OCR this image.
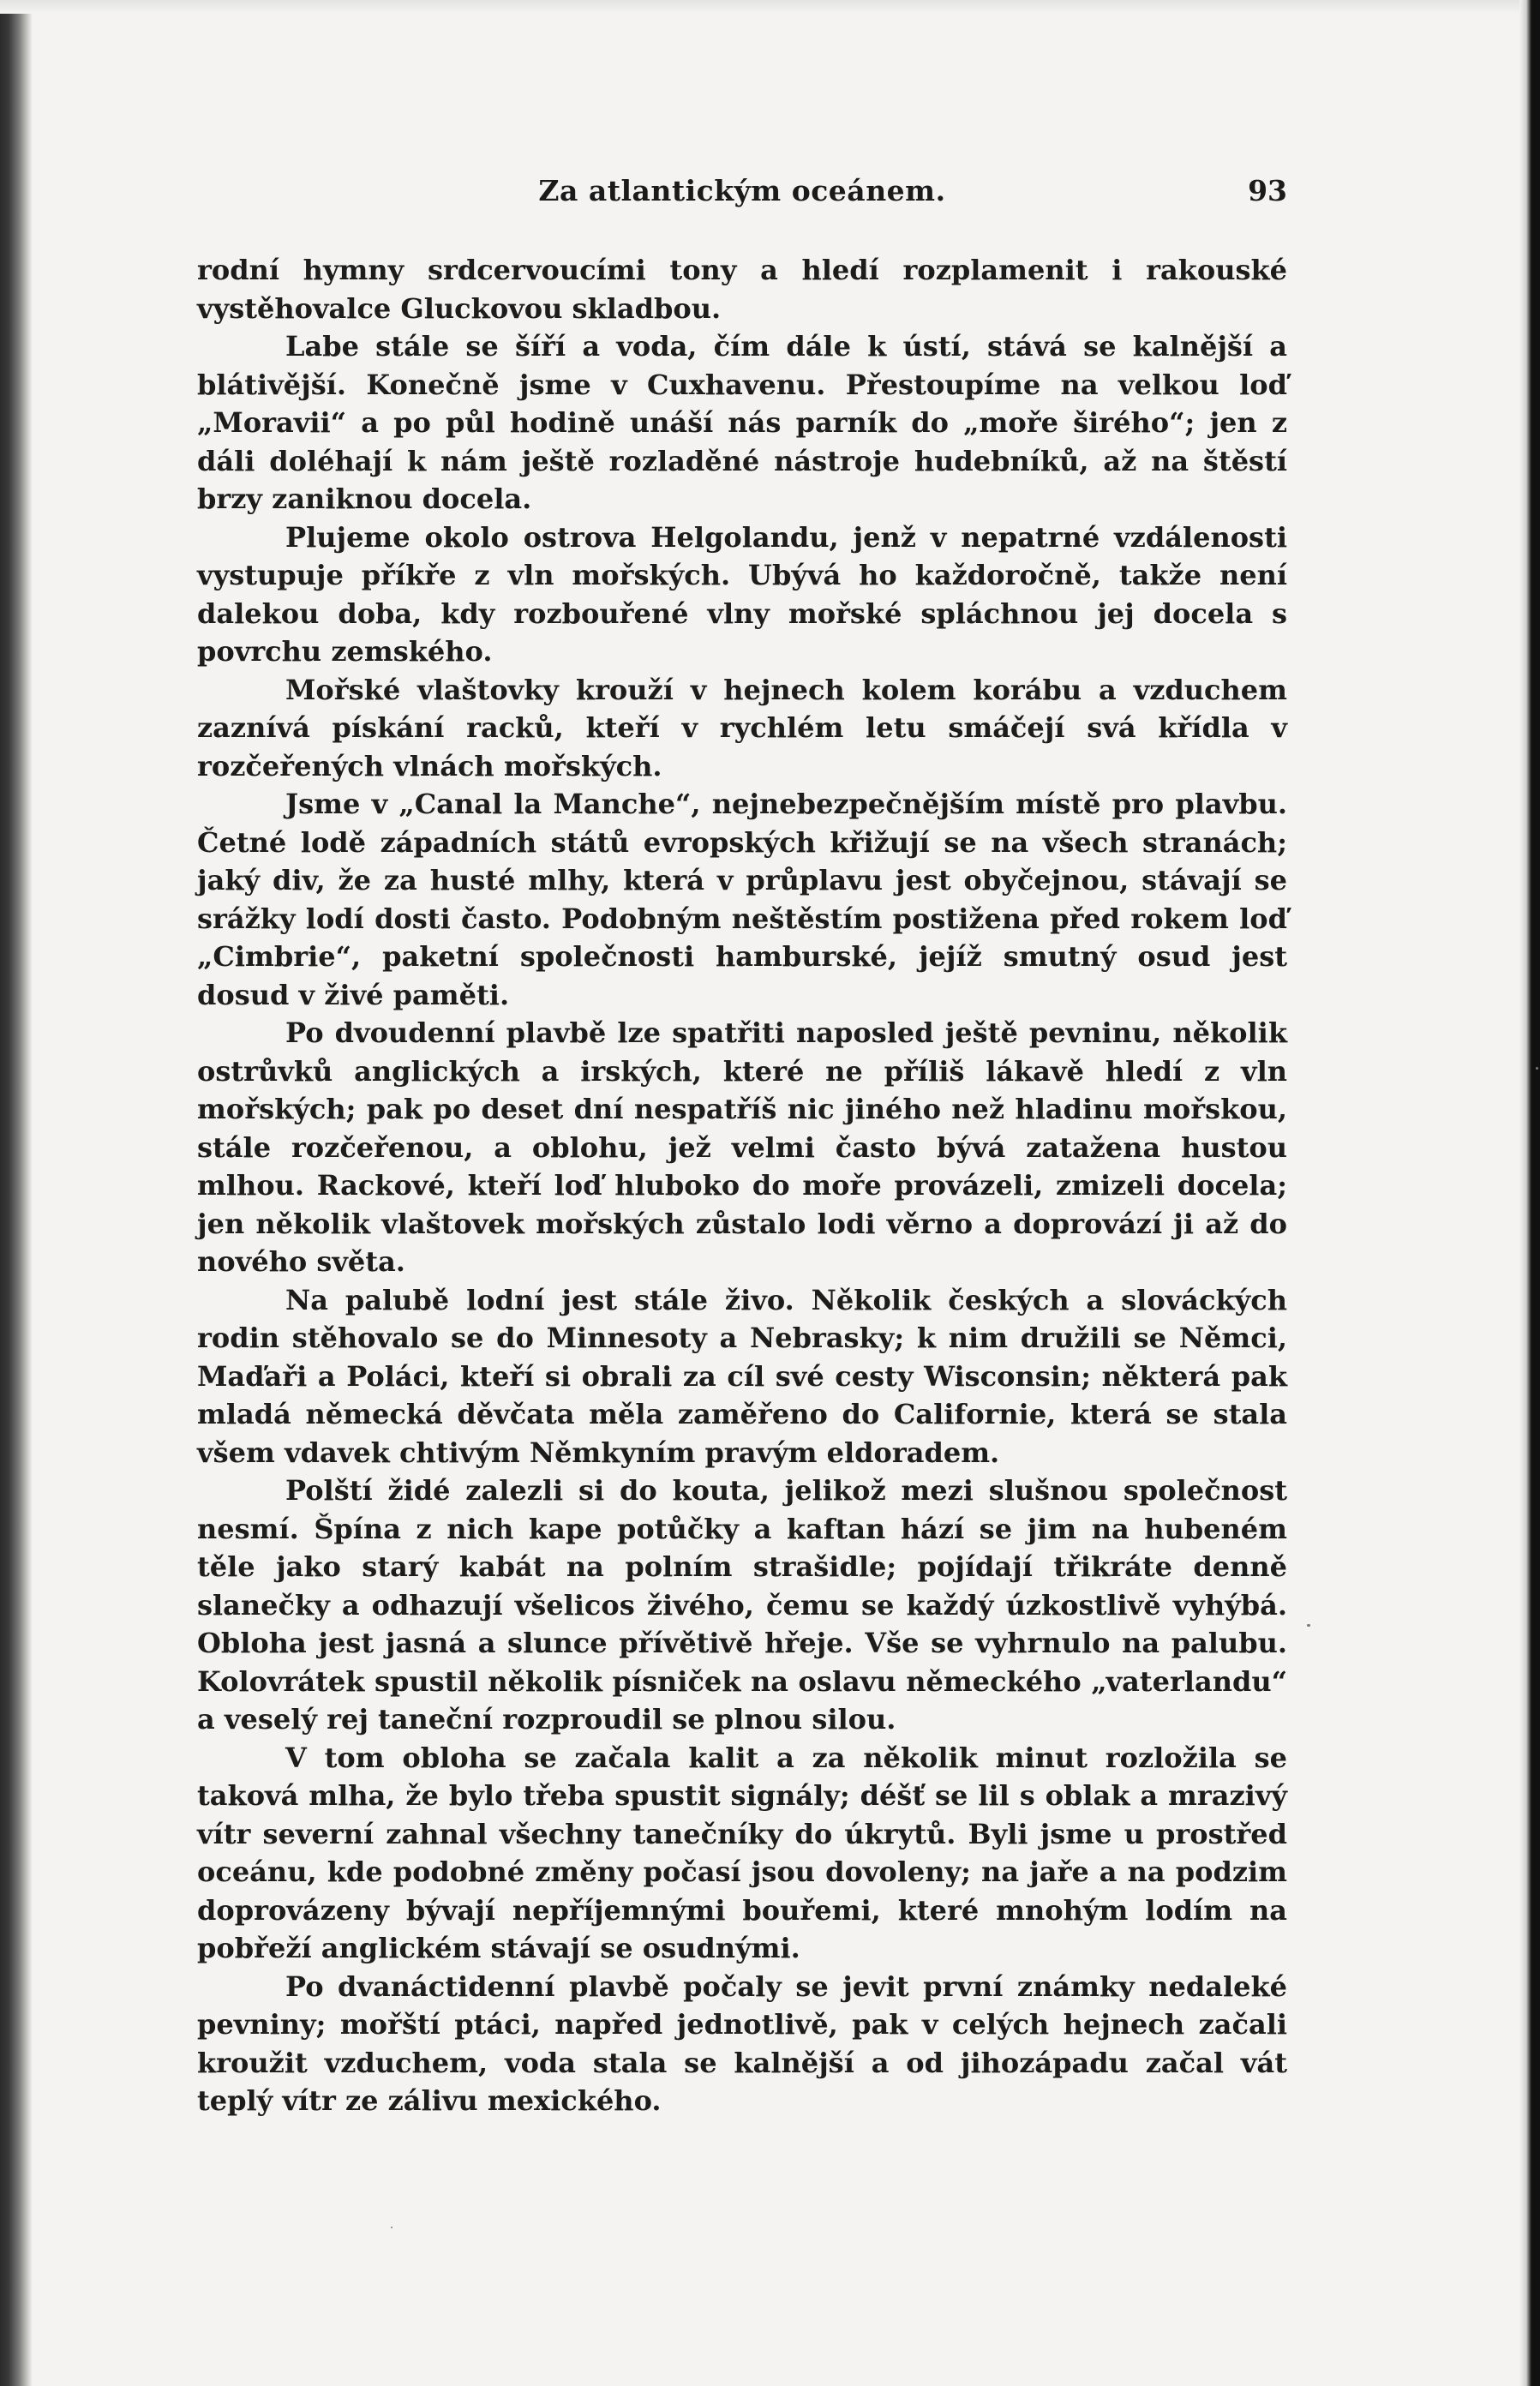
Za atlantickým oceánem.	93

rodní hymny srdcervoucími tony a hledí rozplamenit i rakouské vystěhovalce Gluckovou skladbou.

Labe stále se šíří a voda, čím dále k ústí, stává se kalnější a blátivější. Konečně jsme v Cuxhavenu. Přestoupíme na velkou loď „Moravii“ a po půl hodině unáší nás parník do „moře širého“; jen z dáli doléhají k nám ještě rozladěné nástroje hudebníků, až na štěstí brzy zaniknou docela.

Plujeme okolo ostrova Helgolandu, jenž v nepatrné vzdálenosti vystupuje příkře z vln mořských. Ubývá ho každoročně, takže není dalekou doba, kdy rozbouřené vlny mořské spláchnou jej docela s povrchu zemského.

Mořské vlaštovky krouží v hejnech kolem korábu a vzduchem zaznívá pískání racků, kteří v rychlém letu smáčejí svá křídla v rozčeřených vlnách mořských.

Jsme v „Canal la Manche“, nejnebezpečnějším místě pro plavbu. Četné lodě západních států evropských křižují se na všech stranách; jaký div, že za husté mlhy, která v průplavu jest obyčejnou, stávají se srážky lodí dosti často. Podobným neštěstím postižena před rokem loď „Cimbrie“, paketní společnosti hamburské, jejíž smutný osud jest dosud v živé paměti.

Po dvoudenní plavbě lze spatřiti naposled ještě pevninu, několik ostrůvků anglických a irských, které ne příliš lákavě hledí z vln mořských; pak po deset dní nespatříš nic jiného než hladinu mořskou, stále rozčeřenou, a oblohu, jež velmi často bývá zatažena hustou mlhou. Rackové, kteří loď hluboko do moře provázeli, zmizeli docela; jen několik vlaštovek mořských zůstalo lodi věrno a doprovází ji až do nového světa.

Na palubě lodní jest stále živo. Několik českých a slováckých rodin stěhovalo se do Minnesoty a Nebrasky; k nim družili se Němci, Maďaři a Poláci, kteří si obrali za cíl své cesty Wisconsin; některá pak mladá německá děvčata měla zaměřeno do Californie, která se stala všem vdavek chtivým Němkyním pravým eldoradem.

Polští židé zalezli si do kouta, jelikož mezi slušnou společnost nesmí. Špína z nich kape potůčky a kaftan hází se jim na hubeném těle jako starý kabát na polním strašidle; pojídají třikráte denně slanečky a odhazují všelicos živého, čemu se každý úzkostlivě vyhýbá. Obloha jest jasná a slunce přívětivě hřeje. Vše se vyhrnulo na palubu. Kolovrátek spustil několik písniček na oslavu německého „vaterlandu“ a veselý rej taneční rozproudil se plnou silou.

V tom obloha se začala kalit a za několik minut rozložila se taková mlha, že bylo třeba spustit signály; déšť se lil s oblak a mrazivý vítr severní zahnal všechny tanečníky do úkrytů. Byli jsme u prostřed oceánu, kde podobné změny počasí jsou dovoleny; na jaře a na podzim doprovázeny bývají nepříjemnými bouřemi, které mnohým lodím na pobřeží anglickém stávají se osudnými.

Po dvanáctidenní plavbě počaly se jevit první známky nedaleké pevniny; mořští ptáci, napřed jednotlivě, pak v celých hejnech začali kroužit vzduchem, voda stala se kalnější a od jihozápadu začal vát teplý vítr ze zálivu mexického.
